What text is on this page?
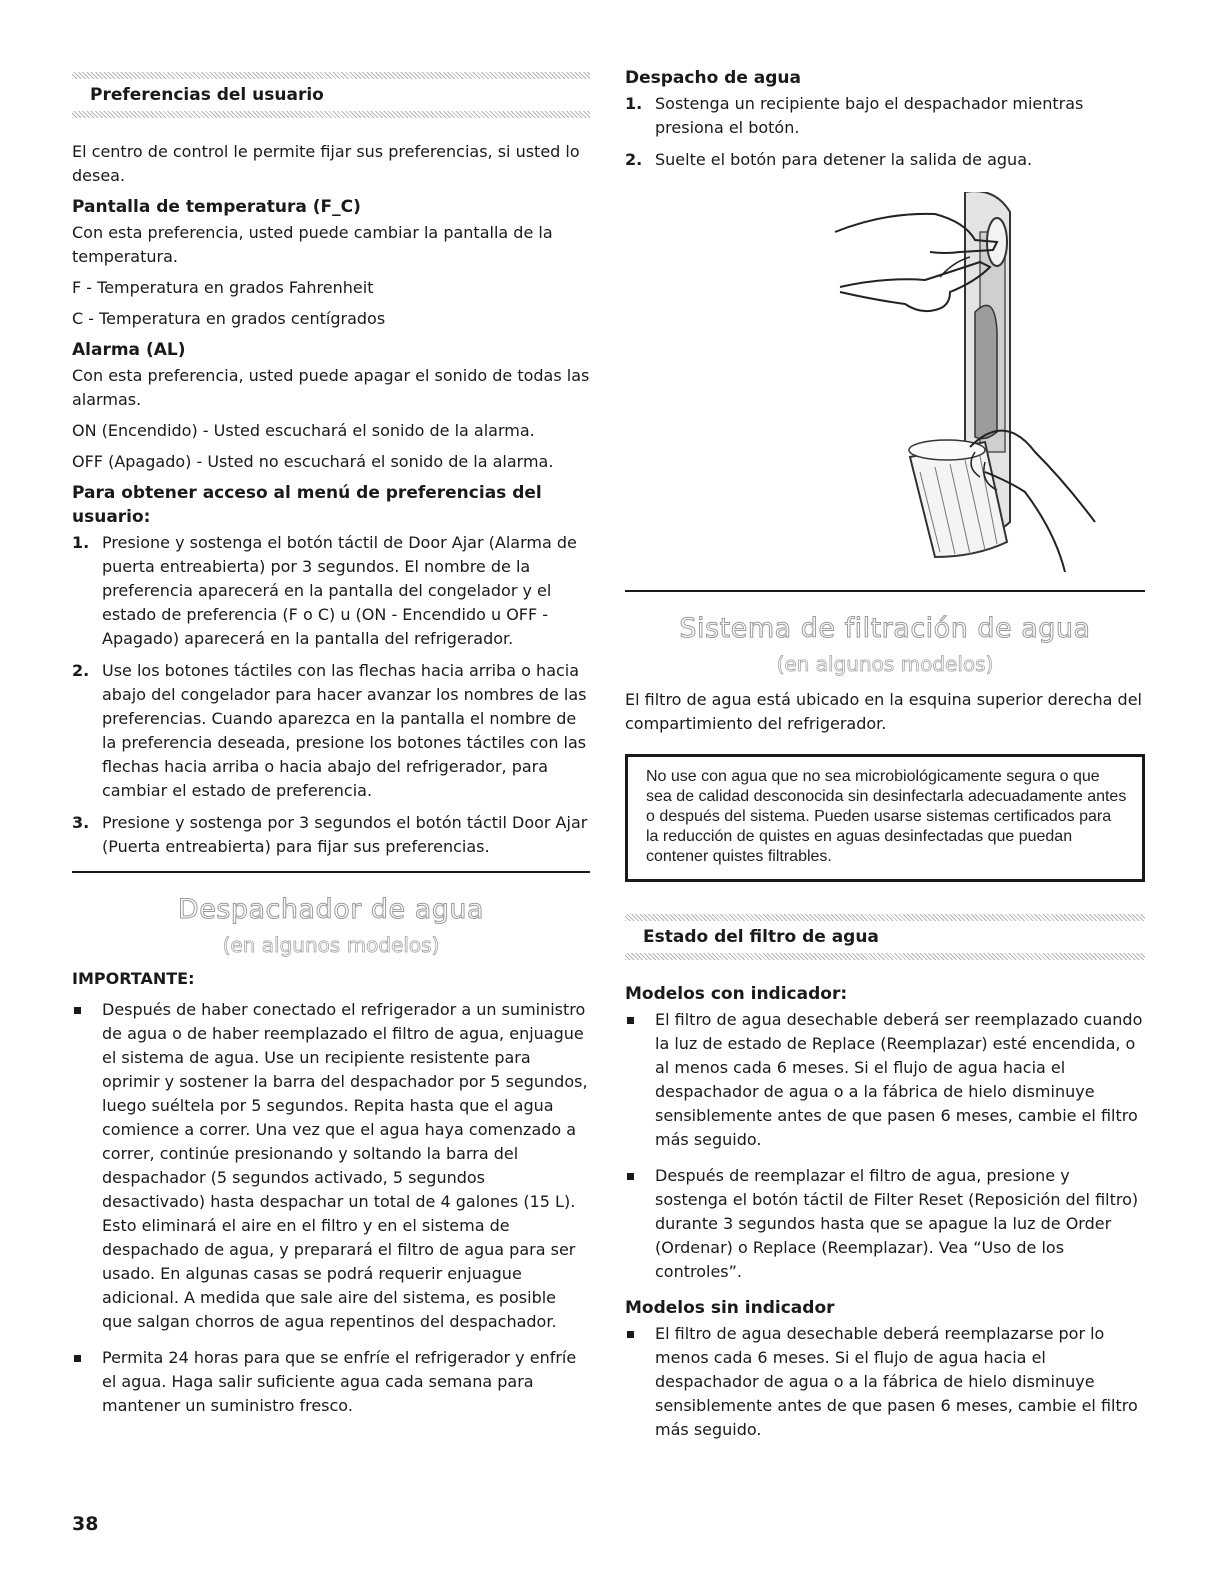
Preferencias del usuario

El centro de control le permite fijar sus preferencias, si usted lo desea.

Pantalla de temperatura (F_C)

Con esta preferencia, usted puede cambiar la pantalla de la temperatura.

F - Temperatura en grados Fahrenheit

C - Temperatura en grados centígrados

Alarma (AL)

Con esta preferencia, usted puede apagar el sonido de todas las alarmas.

ON (Encendido) - Usted escuchará el sonido de la alarma.

OFF (Apagado) - Usted no escuchará el sonido de la alarma.

Para obtener acceso al menú de preferencias del usuario:
1. Presione y sostenga el botón táctil de Door Ajar (Alarma de puerta entreabierta) por 3 segundos. El nombre de la preferencia aparecerá en la pantalla del congelador y el estado de preferencia (F o C) u (ON - Encendido u OFF - Apagado) aparecerá en la pantalla del refrigerador.
2. Use los botones táctiles con las flechas hacia arriba o hacia abajo del congelador para hacer avanzar los nombres de las preferencias. Cuando aparezca en la pantalla el nombre de la preferencia deseada, presione los botones táctiles con las flechas hacia arriba o hacia abajo del refrigerador, para cambiar el estado de preferencia.
3. Presione y sostenga por 3 segundos el botón táctil Door Ajar (Puerta entreabierta) para fijar sus preferencias.
Despachador de agua
(en algunos modelos)
IMPORTANTE:
Después de haber conectado el refrigerador a un suministro de agua o de haber reemplazado el filtro de agua, enjuague el sistema de agua. Use un recipiente resistente para oprimir y sostener la barra del despachador por 5 segundos, luego suéltela por 5 segundos. Repita hasta que el agua comience a correr. Una vez que el agua haya comenzado a correr, continúe presionando y soltando la barra del despachador (5 segundos activado, 5 segundos desactivado) hasta despachar un total de 4 galones (15 L). Esto eliminará el aire en el filtro y en el sistema de despachado de agua, y preparará el filtro de agua para ser usado. En algunas casas se podrá requerir enjuague adicional. A medida que sale aire del sistema, es posible que salgan chorros de agua repentinos del despachador.
Permita 24 horas para que se enfríe el refrigerador y enfríe el agua. Haga salir suficiente agua cada semana para mantener un suministro fresco.
Despacho de agua
1. Sostenga un recipiente bajo el despachador mientras presiona el botón.
2. Suelte el botón para detener la salida de agua.
Sistema de filtración de agua
(en algunos modelos)

El filtro de agua está ubicado en la esquina superior derecha del compartimiento del refrigerador.

No use con agua que no sea microbiológicamente segura o que sea de calidad desconocida sin desinfectarla adecuadamente antes o después del sistema. Pueden usarse sistemas certificados para la reducción de quistes en aguas desinfectadas que puedan contener quistes filtrables.
Estado del filtro de agua
Modelos con indicador:
El filtro de agua desechable deberá ser reemplazado cuando la luz de estado de Replace (Reemplazar) esté encendida, o al menos cada 6 meses. Si el flujo de agua hacia el despachador de agua o a la fábrica de hielo disminuye sensiblemente antes de que pasen 6 meses, cambie el filtro más seguido.
Después de reemplazar el filtro de agua, presione y sostenga el botón táctil de Filter Reset (Reposición del filtro) durante 3 segundos hasta que se apague la luz de Order (Ordenar) o Replace (Reemplazar). Vea “Uso de los controles”.
Modelos sin indicador
El filtro de agua desechable deberá reemplazarse por lo menos cada 6 meses. Si el flujo de agua hacia el despachador de agua o a la fábrica de hielo disminuye sensiblemente antes de que pasen 6 meses, cambie el filtro más seguido.
38
